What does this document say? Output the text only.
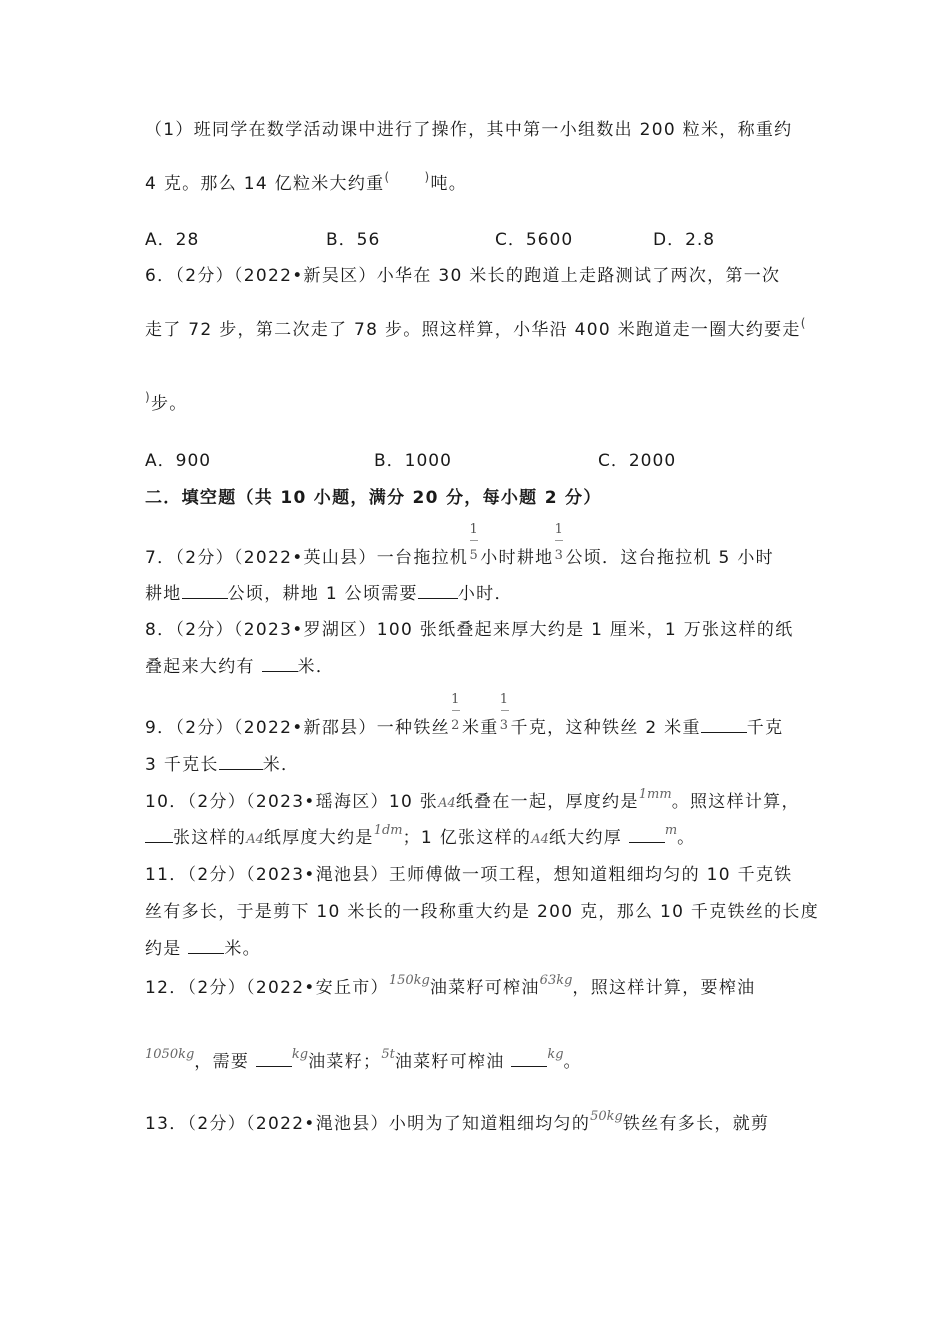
（1）班同学在数学活动课中进行了操作，其中第一小组数出 200 粒米，称重约
4 克。那么 14 亿粒米大约重(	)吨。
A．28	B．56	C．5600	D．2.8
6．（2分）（2022•新吴区）小华在 30 米长的跑道上走路测试了两次，第一次
走了 72 步，第二次走了 78 步。照这样算，小华沿 400 米跑道走一圈大约要走(
)步。
A．900	B．1000	C．2000
二．填空题（共 10 小题，满分 20 分，每小题 2 分）
7．（2分）（2022•英山县）一台拖拉机 $\frac{1}{5}$ 小时耕地 $\frac{1}{3}$ 公顷．这台拖拉机 5 小时
耕地	公顷，耕地 1 公顷需要 小时．
8．（2分）（2023•罗湖区）100 张纸叠起来厚大约是 1 厘米，1 万张这样的纸
叠起来大约有 米．
9．（2分）（2022•新邵县）一种铁丝 $\frac{1}{2}$ 米重 $\frac{1}{3}$ 千克，这种铁丝 2 米重	千克
3 千克长	米．
10．（2分）（2023•瑶海区）10 张A4纸叠在一起，厚度约是$^{1mm}$。照这样计算，
张这样的A4纸厚度大约是$^{1dm}$；1 亿张这样的A4纸大约厚	$^m$。
11．（2分）（2023•渑池县）王师傅做一项工程，想知道粗细均匀的 10 千克铁
丝有多长，于是剪下 10 米长的一段称重大约是 200 克，那么 10 千克铁丝的长度
约是 米。
12．（2分）（2022•安丘市）$^{150kg}$油菜籽可榨油$^{63kg}$，照这样计算，要榨油
$^{1050kg}$，需要	$^{kg}$油菜籽；$^{5t}$油菜籽可榨油	$^{kg}$。
13．（2分）（2022•渑池县）小明为了知道粗细均匀的$^{50kg}$铁丝有多长，就剪
